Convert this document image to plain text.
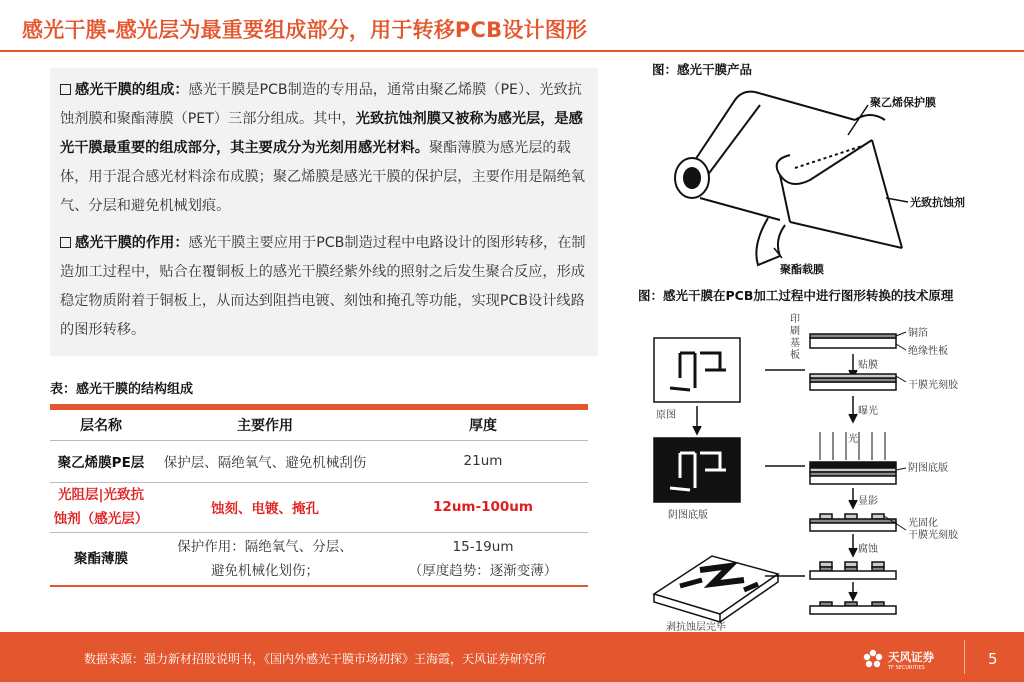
感光干膜-感光层为最重要组成部分，用于转移PCB设计图形

感光干膜的组成：感光干膜是PCB制造的专用品，通常由聚乙烯膜（PE）、光致抗蚀剂膜和聚酯薄膜（PET）三部分组成。其中，光致抗蚀剂膜又被称为感光层，是感光干膜最重要的组成部分，其主要成分为光刻用感光材料。聚酯薄膜为感光层的载体，用于混合感光材料涂布成膜；聚乙烯膜是感光干膜的保护层，主要作用是隔绝氧气、分层和避免机械划痕。

感光干膜的作用：感光干膜主要应用于PCB制造过程中电路设计的图形转移，在制造加工过程中，贴合在覆铜板上的感光干膜经紫外线的照射之后发生聚合反应，形成稳定物质附着于铜板上，从而达到阻挡电镀、刻蚀和掩孔等功能，实现PCB设计线路的图形转移。

表：感光干膜的结构组成
层名称	主要作用	厚度
聚乙烯膜PE层	保护层、隔绝氧气、避免机械刮伤	21um
光阻层|光致抗
蚀剂（感光层）	蚀刻、电镀、掩孔	12um-100um
聚酯薄膜	保护作用：隔绝氧气、分层、
避免机械化划伤；	15-19um
（厚度趋势：逐渐变薄）
图：感光干膜产品
聚乙烯保护膜
光致抗蚀剂
聚酯载膜
图：感光干膜在PCB加工过程中进行图形转换的技术原理
印
刷
基
板
铜箔
绝缘性板
贴膜
干膜光刻胶
曝光
光
阴图底版
显影
光固化
干膜光刻胶
腐蚀
原图
阴图底版
剥抗蚀层完毕
数据来源：强力新材招股说明书，《国内外感光干膜市场初探》王海霞，天风证券研究所	天风证券
TF SECURITIES	5
